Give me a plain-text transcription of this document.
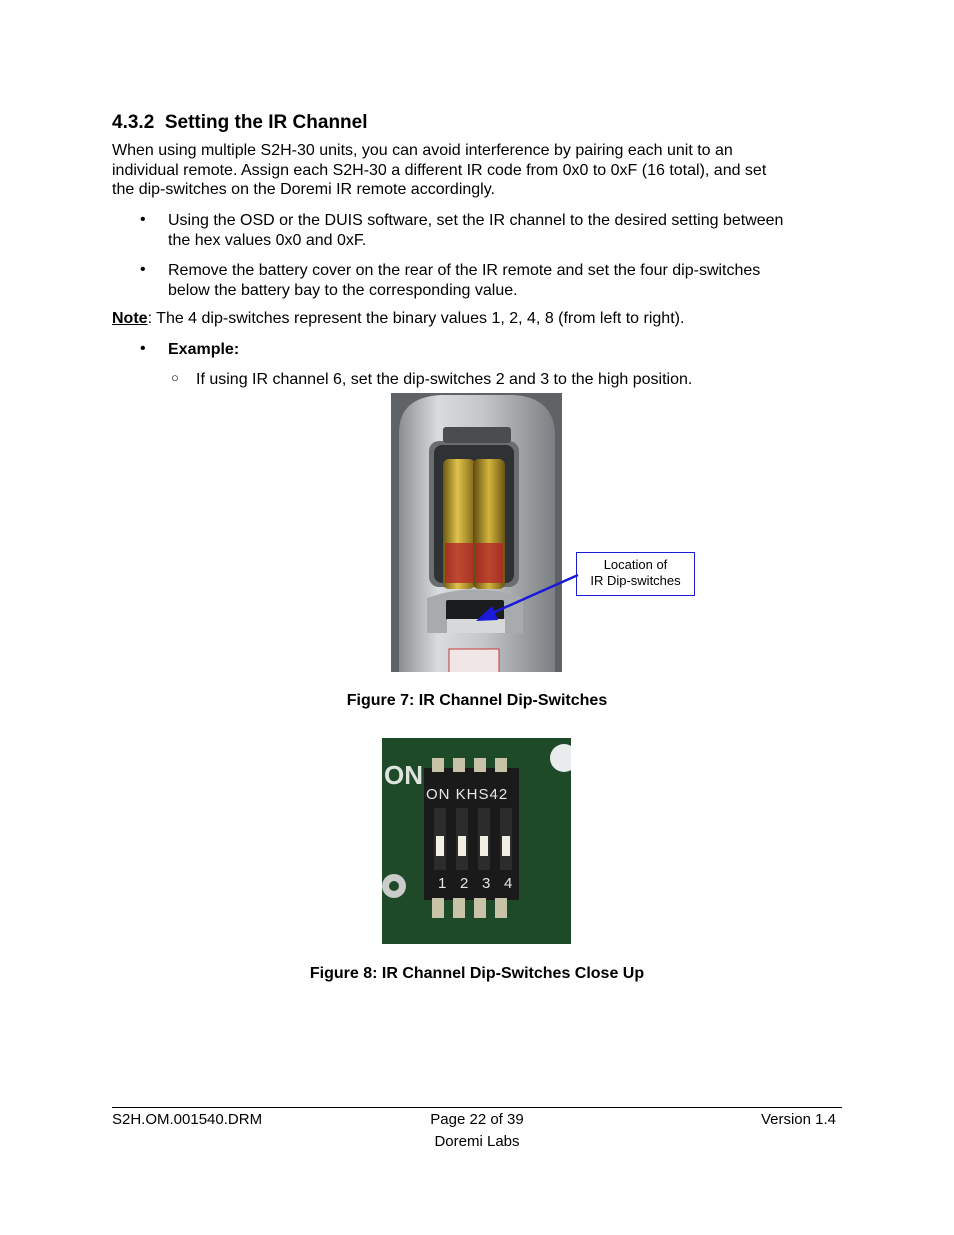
4.3.2 Setting the IR Channel
When using multiple S2H-30 units, you can avoid interference by pairing each unit to an
individual remote. Assign each S2H-30 a different IR code from 0x0 to 0xF (16 total), and set
the dip-switches on the Doremi IR remote accordingly.
• Using the OSD or the DUIS software, set the IR channel to the desired setting between
the hex values 0x0 and 0xF.
• Remove the battery cover on the rear of the IR remote and set the four dip-switches
below the battery bay to the corresponding value.
Note: The 4 dip-switches represent the binary values 1, 2, 4, 8 (from left to right).
• Example:
○ If using IR channel 6, set the dip-switches 2 and 3 to the high position.
Location of
IR Dip-switches
Figure 7: IR Channel Dip-Switches
ON
ON KHS42
1 2 3 4
Figure 8: IR Channel Dip-Switches Close Up
S2H.OM.001540.DRM	Page 22 of 39
Doremi Labs
Version 1.4
